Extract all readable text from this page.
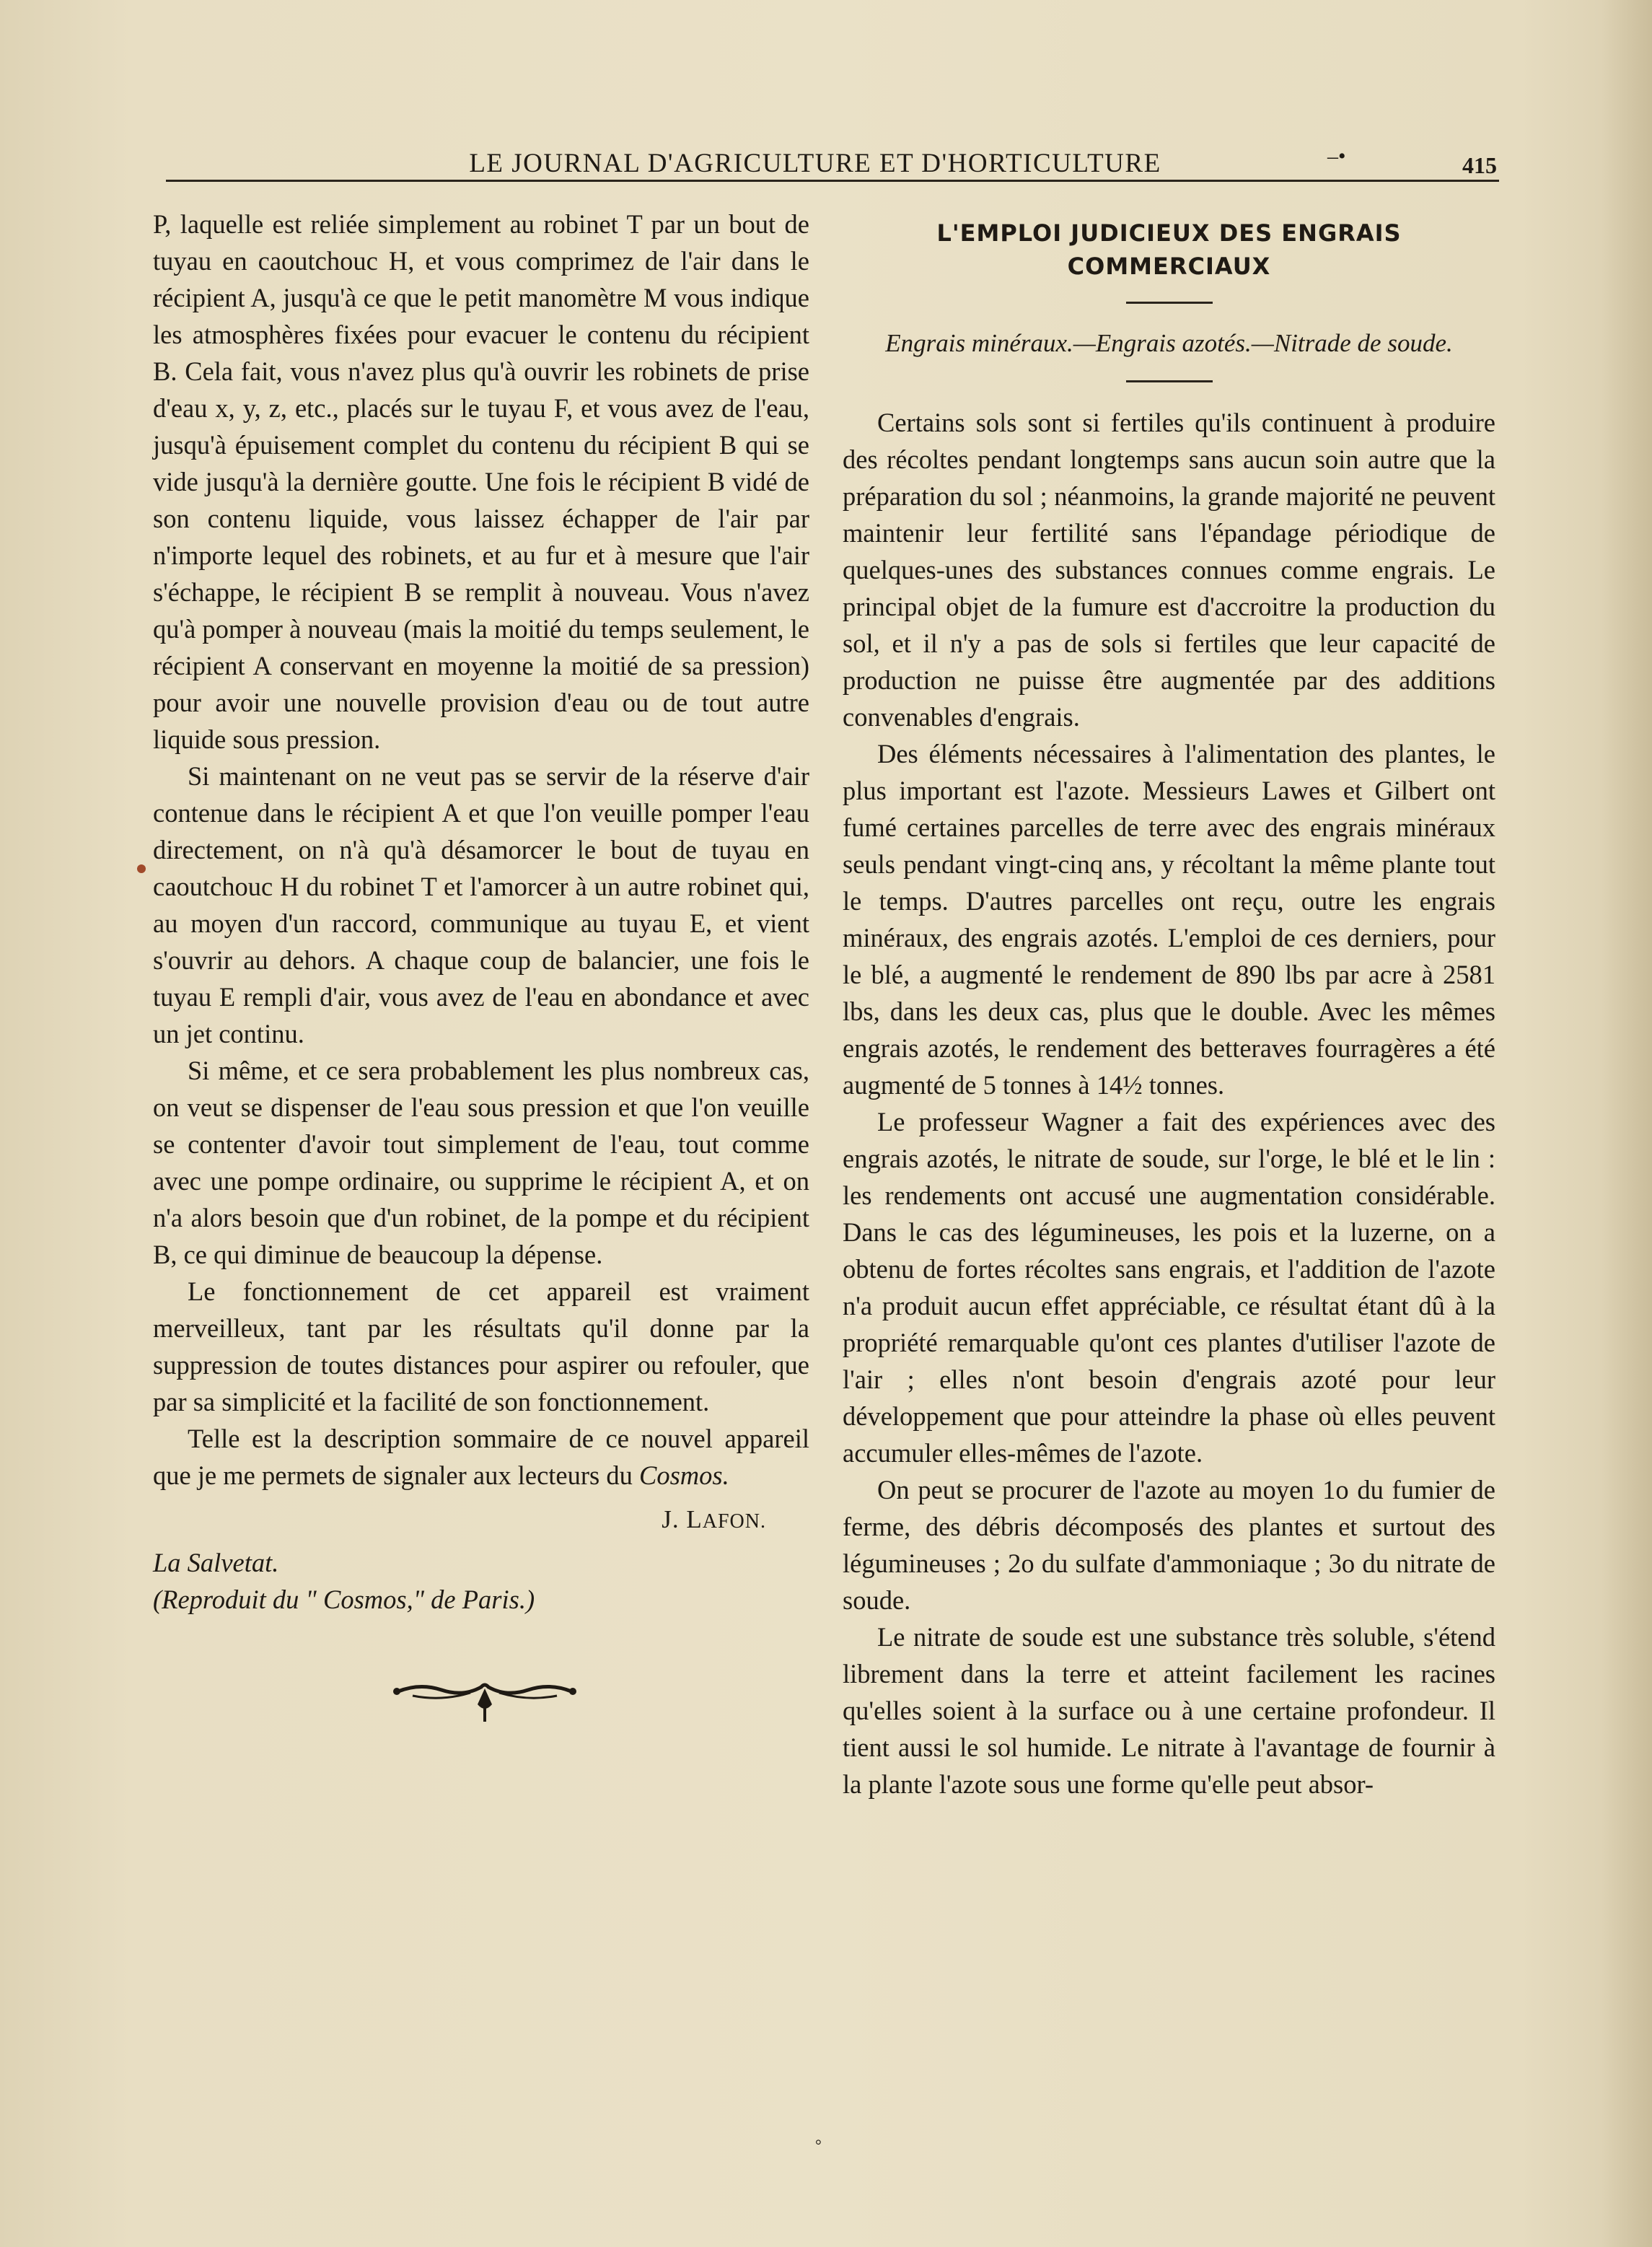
LE JOURNAL D'AGRICULTURE ET D'HORTICULTURE	415
–•

P, laquelle est reliée simplement au robinet T par un bout de tuyau en caoutchouc H, et vous comprimez de l'air dans le récipient A, jusqu'à ce que le petit manomètre M vous indique les atmosphères fixées pour evacuer le contenu du récipient B. Cela fait, vous n'avez plus qu'à ouvrir les robinets de prise d'eau x, y, z, etc., placés sur le tuyau F, et vous avez de l'eau, jusqu'à épuisement complet du contenu du récipient B qui se vide jusqu'à la dernière goutte. Une fois le récipient B vidé de son contenu liquide, vous laissez échapper de l'air par n'importe lequel des robinets, et au fur et à mesure que l'air s'échappe, le récipient B se remplit à nouveau. Vous n'avez qu'à pomper à nouveau (mais la moitié du temps seulement, le récipient A conservant en moyenne la moitié de sa pression) pour avoir une nouvelle provision d'eau ou de tout autre liquide sous pression.

Si maintenant on ne veut pas se servir de la réserve d'air contenue dans le récipient A et que l'on veuille pomper l'eau directement, on n'à qu'à désamorcer le bout de tuyau en caoutchouc H du robinet T et l'amorcer à un autre robinet qui, au moyen d'un raccord, communique au tuyau E, et vient s'ouvrir au dehors. A chaque coup de balancier, une fois le tuyau E rempli d'air, vous avez de l'eau en abondance et avec un jet continu.

Si même, et ce sera probablement les plus nombreux cas, on veut se dispenser de l'eau sous pression et que l'on veuille se contenter d'avoir tout simplement de l'eau, tout comme avec une pompe ordinaire, ou supprime le récipient A, et on n'a alors besoin que d'un robinet, de la pompe et du récipient B, ce qui diminue de beaucoup la dépense.

Le fonctionnement de cet appareil est vraiment merveilleux, tant par les résultats qu'il donne par la suppression de toutes distances pour aspirer ou refouler, que par sa simplicité et la facilité de son fonctionnement.

Telle est la description sommaire de ce nouvel appareil que je me permets de signaler aux lecteurs du Cosmos.

J. LAFON.

La Salvetat.

(Reproduit du " Cosmos," de Paris.)

L'EMPLOI JUDICIEUX DES ENGRAIS COMMERCIAUX
Engrais minéraux.—Engrais azotés.—Nitrade de soude.

Certains sols sont si fertiles qu'ils continuent à produire des récoltes pendant longtemps sans aucun soin autre que la préparation du sol ; néanmoins, la grande majorité ne peuvent maintenir leur fertilité sans l'épandage périodique de quelques-unes des substances connues comme engrais. Le principal objet de la fumure est d'accroitre la production du sol, et il n'y a pas de sols si fertiles que leur capacité de production ne puisse être augmentée par des additions convenables d'engrais.

Des éléments nécessaires à l'alimentation des plantes, le plus important est l'azote. Messieurs Lawes et Gilbert ont fumé certaines parcelles de terre avec des engrais minéraux seuls pendant vingt-cinq ans, y récoltant la même plante tout le temps. D'autres parcelles ont reçu, outre les engrais minéraux, des engrais azotés. L'emploi de ces derniers, pour le blé, a augmenté le rendement de 890 lbs par acre à 2581 lbs, dans les deux cas, plus que le double. Avec les mêmes engrais azotés, le rendement des betteraves fourragères a été augmenté de 5 tonnes à 14½ tonnes.

Le professeur Wagner a fait des expériences avec des engrais azotés, le nitrate de soude, sur l'orge, le blé et le lin : les rendements ont accusé une augmentation considérable. Dans le cas des légumineuses, les pois et la luzerne, on a obtenu de fortes récoltes sans engrais, et l'addition de l'azote n'a produit aucun effet appréciable, ce résultat étant dû à la propriété remarquable qu'ont ces plantes d'utiliser l'azote de l'air ; elles n'ont besoin d'engrais azoté pour leur développement que pour atteindre la phase où elles peuvent accumuler elles-mêmes de l'azote.

On peut se procurer de l'azote au moyen 1o du fumier de ferme, des débris décomposés des plantes et surtout des légumineuses ; 2o du sulfate d'ammoniaque ; 3o du nitrate de soude.

Le nitrate de soude est une substance très soluble, s'étend librement dans la terre et atteint facilement les racines qu'elles soient à la surface ou à une certaine profondeur. Il tient aussi le sol humide. Le nitrate à l'avantage de fournir à la plante l'azote sous une forme qu'elle peut absor-

°
